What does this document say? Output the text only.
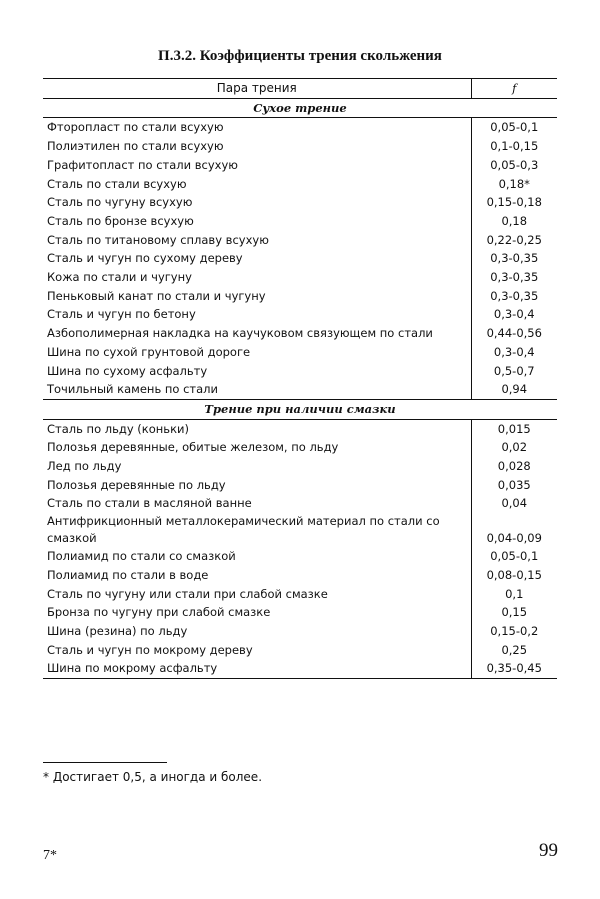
П.3.2. Коэффициенты трения скольжения
Пара трения	f
Сухое трение	
Фторопласт по стали всухую	0,05-0,1
Полиэтилен по стали всухую	0,1-0,15
Графитопласт по стали всухую	0,05-0,3
Сталь по стали всухую	0,18*
Сталь по чугуну всухую	0,15-0,18
Сталь по бронзе всухую	0,18
Сталь по титановому сплаву всухую	0,22-0,25
Сталь и чугун по сухому дереву	0,3-0,35
Кожа по стали и чугуну	0,3-0,35
Пеньковый канат по стали и чугуну	0,3-0,35
Сталь и чугун по бетону	0,3-0,4
Азбополимерная накладка на каучуковом связующем по стали	0,44-0,56
Шина по сухой грунтовой дороге	0,3-0,4
Шина по сухому асфальту	0,5-0,7
Точильный камень по стали	0,94
Трение при наличии смазки	
Сталь по льду (коньки)	0,015
Полозья деревянные, обитые железом, по льду	0,02
Лед по льду	0,028
Полозья деревянные по льду	0,035
Сталь по стали в масляной ванне	0,04
Антифрикционный металлокерамический материал по стали со смазкой	0,04-0,09
Полиамид по стали со смазкой	0,05-0,1
Полиамид по стали в воде	0,08-0,15
Сталь по чугуну или стали при слабой смазке	0,1
Бронза по чугуну при слабой смазке	0,15
Шина (резина) по льду	0,15-0,2
Сталь и чугун по мокрому дереву	0,25
Шина по мокрому асфальту	0,35-0,45
* Достигает 0,5, а иногда и более.
7*	99
